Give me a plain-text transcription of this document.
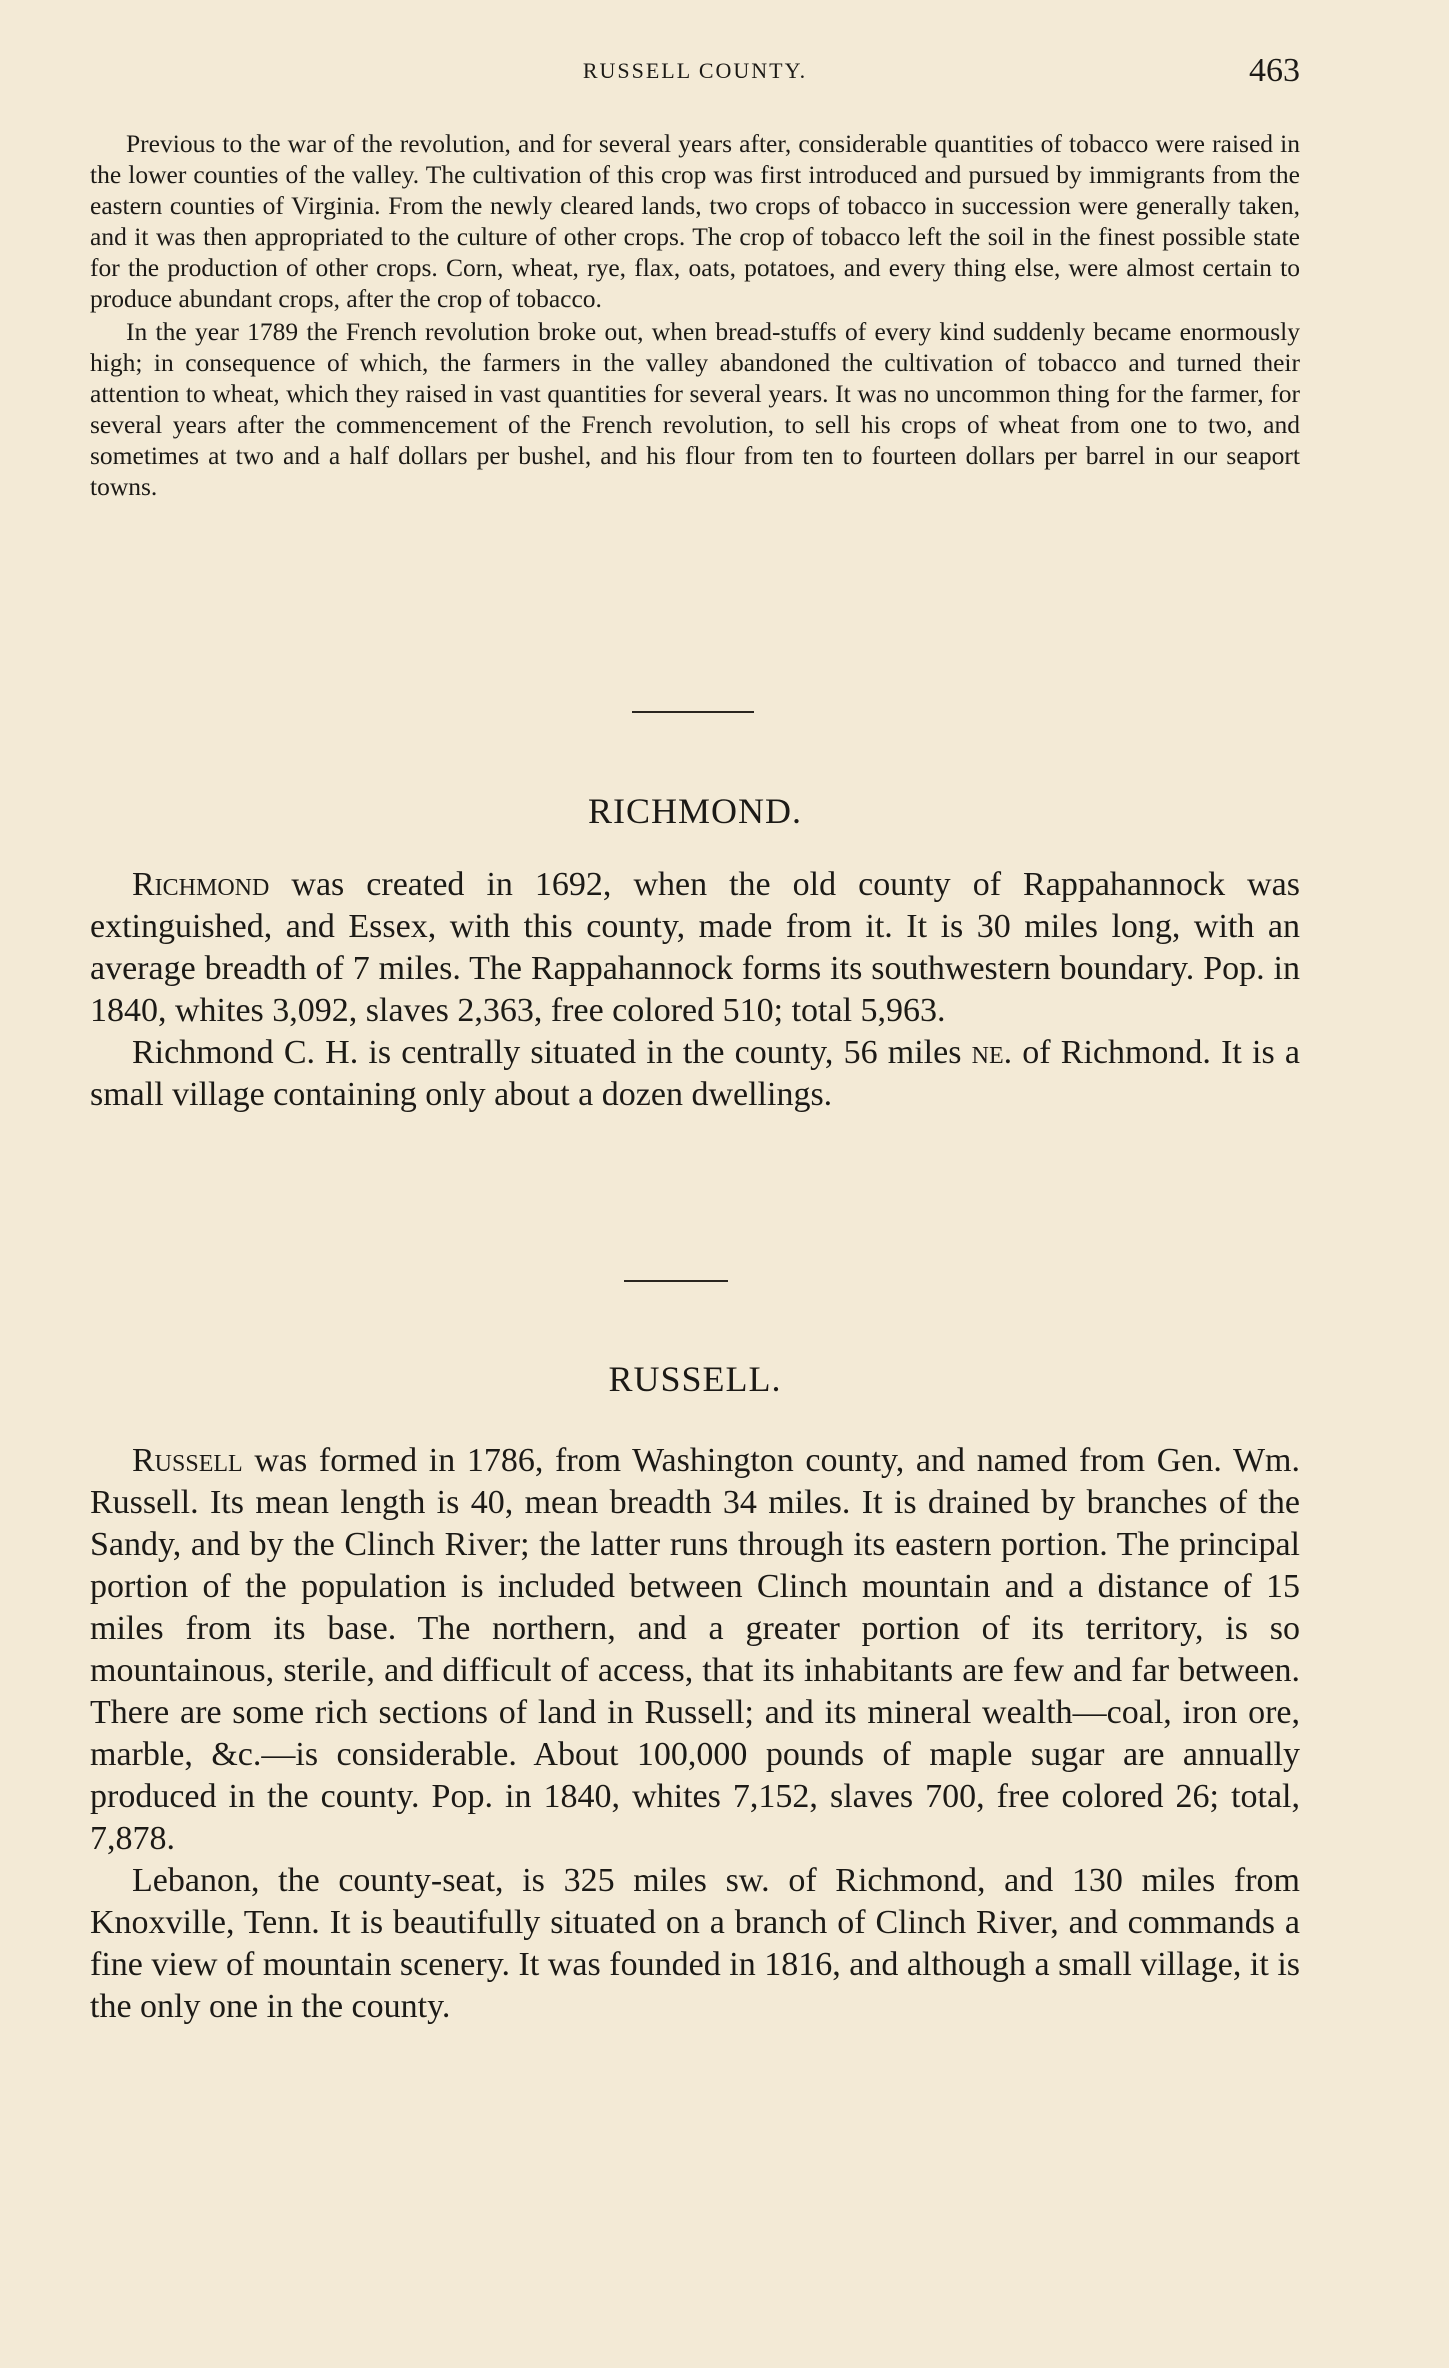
RUSSELL COUNTY.	463

Previous to the war of the revolution, and for several years after, considerable quantities of tobacco were raised in the lower counties of the valley. The cultivation of this crop was first introduced and pursued by immigrants from the eastern counties of Virginia. From the newly cleared lands, two crops of tobacco in succession were generally taken, and it was then appropriated to the culture of other crops. The crop of tobacco left the soil in the finest possible state for the production of other crops. Corn, wheat, rye, flax, oats, potatoes, and every thing else, were almost certain to produce abundant crops, after the crop of tobacco.

In the year 1789 the French revolution broke out, when bread-stuffs of every kind suddenly became enormously high; in consequence of which, the farmers in the valley abandoned the cultivation of tobacco and turned their attention to wheat, which they raised in vast quantities for several years. It was no uncommon thing for the farmer, for several years after the commencement of the French revolution, to sell his crops of wheat from one to two, and sometimes at two and a half dollars per bushel, and his flour from ten to fourteen dollars per barrel in our seaport towns.

RICHMOND.

Richmond was created in 1692, when the old county of Rappahannock was extinguished, and Essex, with this county, made from it. It is 30 miles long, with an average breadth of 7 miles. The Rappahannock forms its southwestern boundary. Pop. in 1840, whites 3,092, slaves 2,363, free colored 510; total 5,963.

Richmond C. H. is centrally situated in the county, 56 miles ne. of Richmond. It is a small village containing only about a dozen dwellings.

RUSSELL.

Russell was formed in 1786, from Washington county, and named from Gen. Wm. Russell. Its mean length is 40, mean breadth 34 miles. It is drained by branches of the Sandy, and by the Clinch River; the latter runs through its eastern portion. The principal portion of the population is included between Clinch mountain and a distance of 15 miles from its base. The northern, and a greater portion of its territory, is so mountainous, sterile, and difficult of access, that its inhabitants are few and far between. There are some rich sections of land in Russell; and its mineral wealth—coal, iron ore, marble, &c.—is considerable. About 100,000 pounds of maple sugar are annually produced in the county. Pop. in 1840, whites 7,152, slaves 700, free colored 26; total, 7,878.

Lebanon, the county-seat, is 325 miles sw. of Richmond, and 130 miles from Knoxville, Tenn. It is beautifully situated on a branch of Clinch River, and commands a fine view of mountain scenery. It was founded in 1816, and although a small village, it is the only one in the county.
